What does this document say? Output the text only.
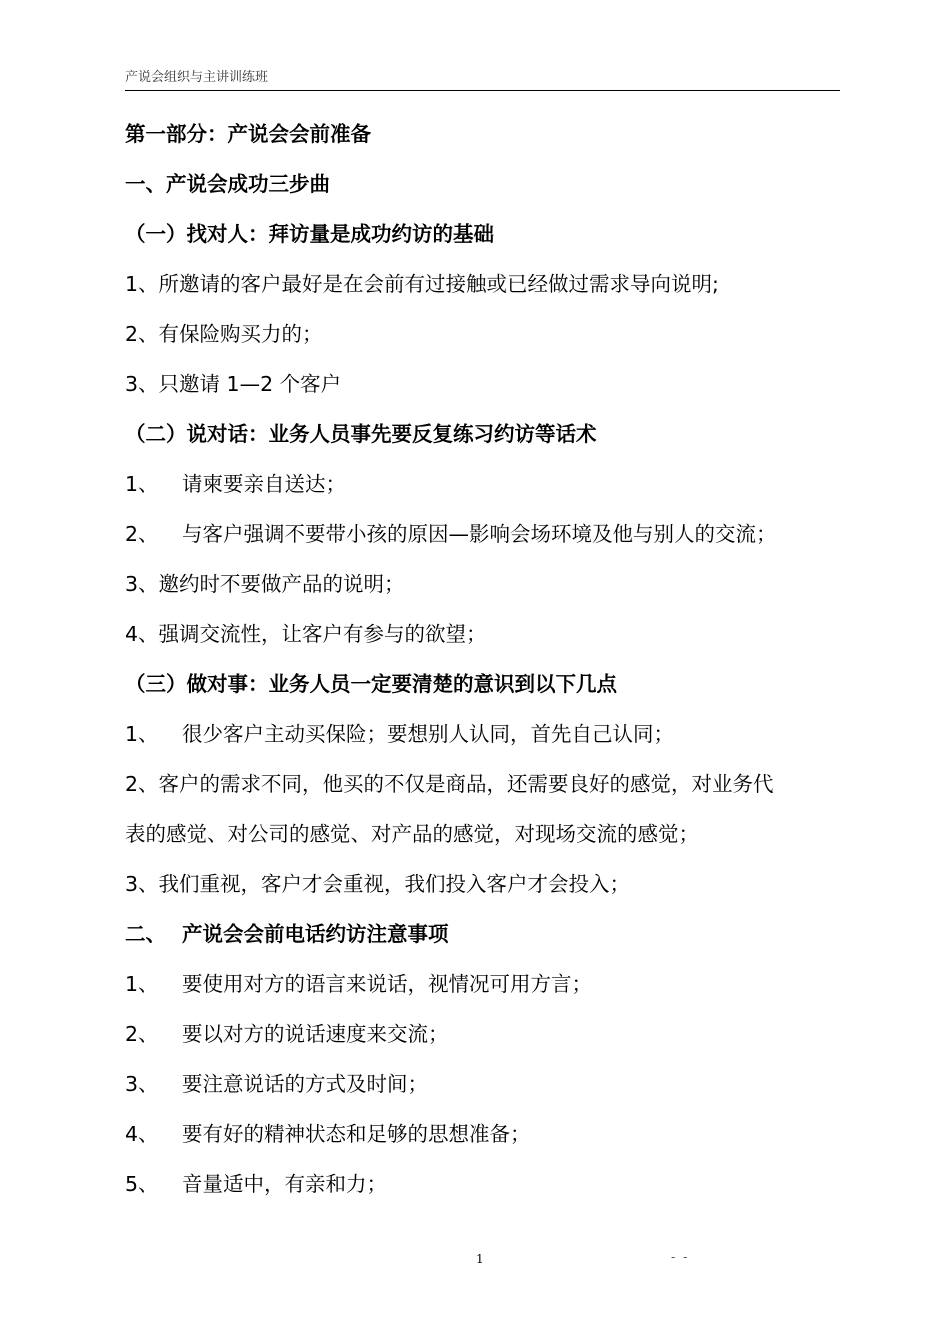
产说会组织与主讲训练班
第一部分：产说会会前准备
一、产说会成功三步曲
（一）找对人：拜访量是成功约访的基础
1、所邀请的客户最好是在会前有过接触或已经做过需求导向说明;
2、有保险购买力的；
3、只邀请 1—2 个客户
（二）说对话：业务人员事先要反复练习约访等话术
1、 请柬要亲自送达；
2、 与客户强调不要带小孩的原因—影响会场环境及他与别人的交流；
3、邀约时不要做产品的说明；
4、强调交流性，让客户有参与的欲望；
（三）做对事：业务人员一定要清楚的意识到以下几点
1、 很少客户主动买保险；要想别人认同，首先自己认同；
2、客户的需求不同，他买的不仅是商品，还需要良好的感觉，对业务代
表的感觉、对公司的感觉、对产品的感觉，对现场交流的感觉；
3、我们重视，客户才会重视，我们投入客户才会投入；
二、 产说会会前电话约访注意事项
1、 要使用对方的语言来说话，视情况可用方言；
2、 要以对方的说话速度来交流；
3、 要注意说话的方式及时间；
4、 要有好的精神状态和足够的思想准备；
5、 音量适中，有亲和力；
1	- -
